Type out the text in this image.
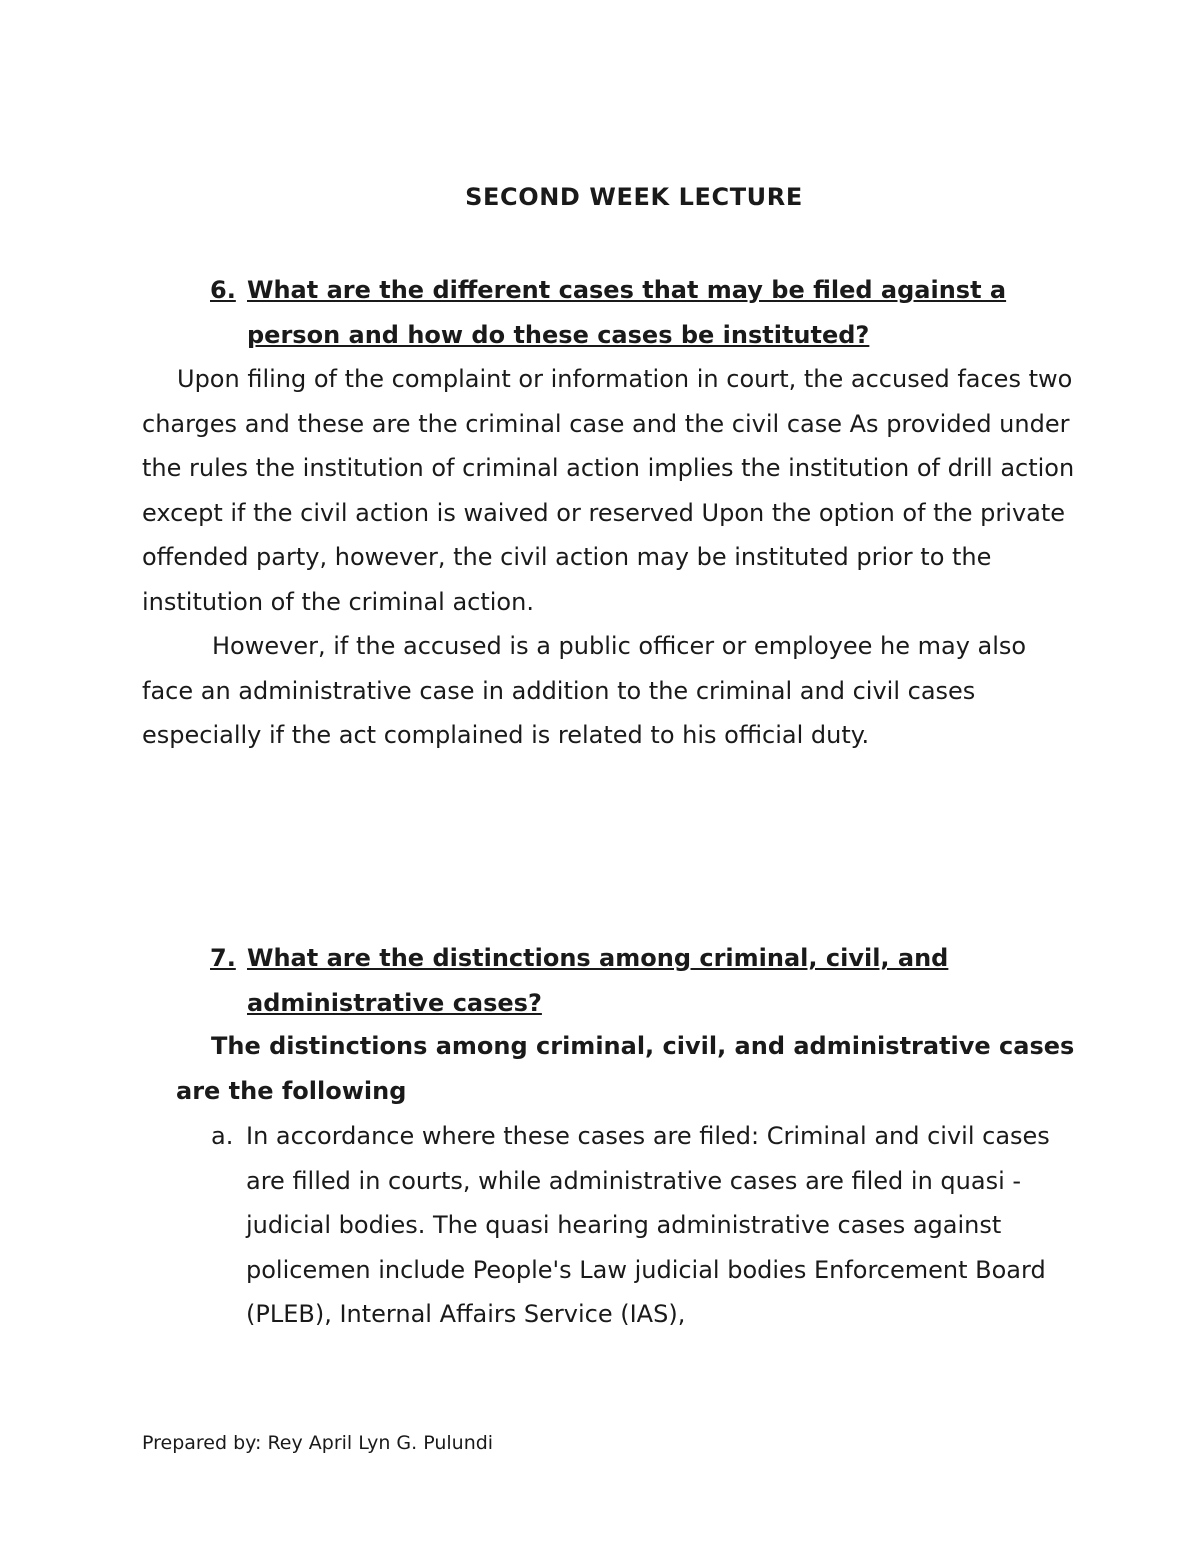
SECOND WEEK LECTURE
6. What are the different cases that may be filed against a person and how do these cases be instituted?

Upon filing of the complaint or information in court, the accused faces two charges and these are the criminal case and the civil case As provided under the rules the institution of criminal action implies the institution of drill action except if the civil action is waived or reserved Upon the option of the private offended party, however, the civil action may be instituted prior to the institution of the criminal action.

However, if the accused is a public officer or employee he may also face an administrative case in addition to the criminal and civil cases especially if the act complained is related to his official duty.

7. What are the distinctions among criminal, civil, and administrative cases?

The distinctions among criminal, civil, and administrative cases are the following

a. In accordance where these cases are filed: Criminal and civil cases are filled in courts, while administrative cases are filed in quasi -judicial bodies. The quasi hearing administrative cases against policemen include People's Law judicial bodies Enforcement Board (PLEB), Internal Affairs Service (IAS),

Prepared by: Rey April Lyn G. Pulundi
